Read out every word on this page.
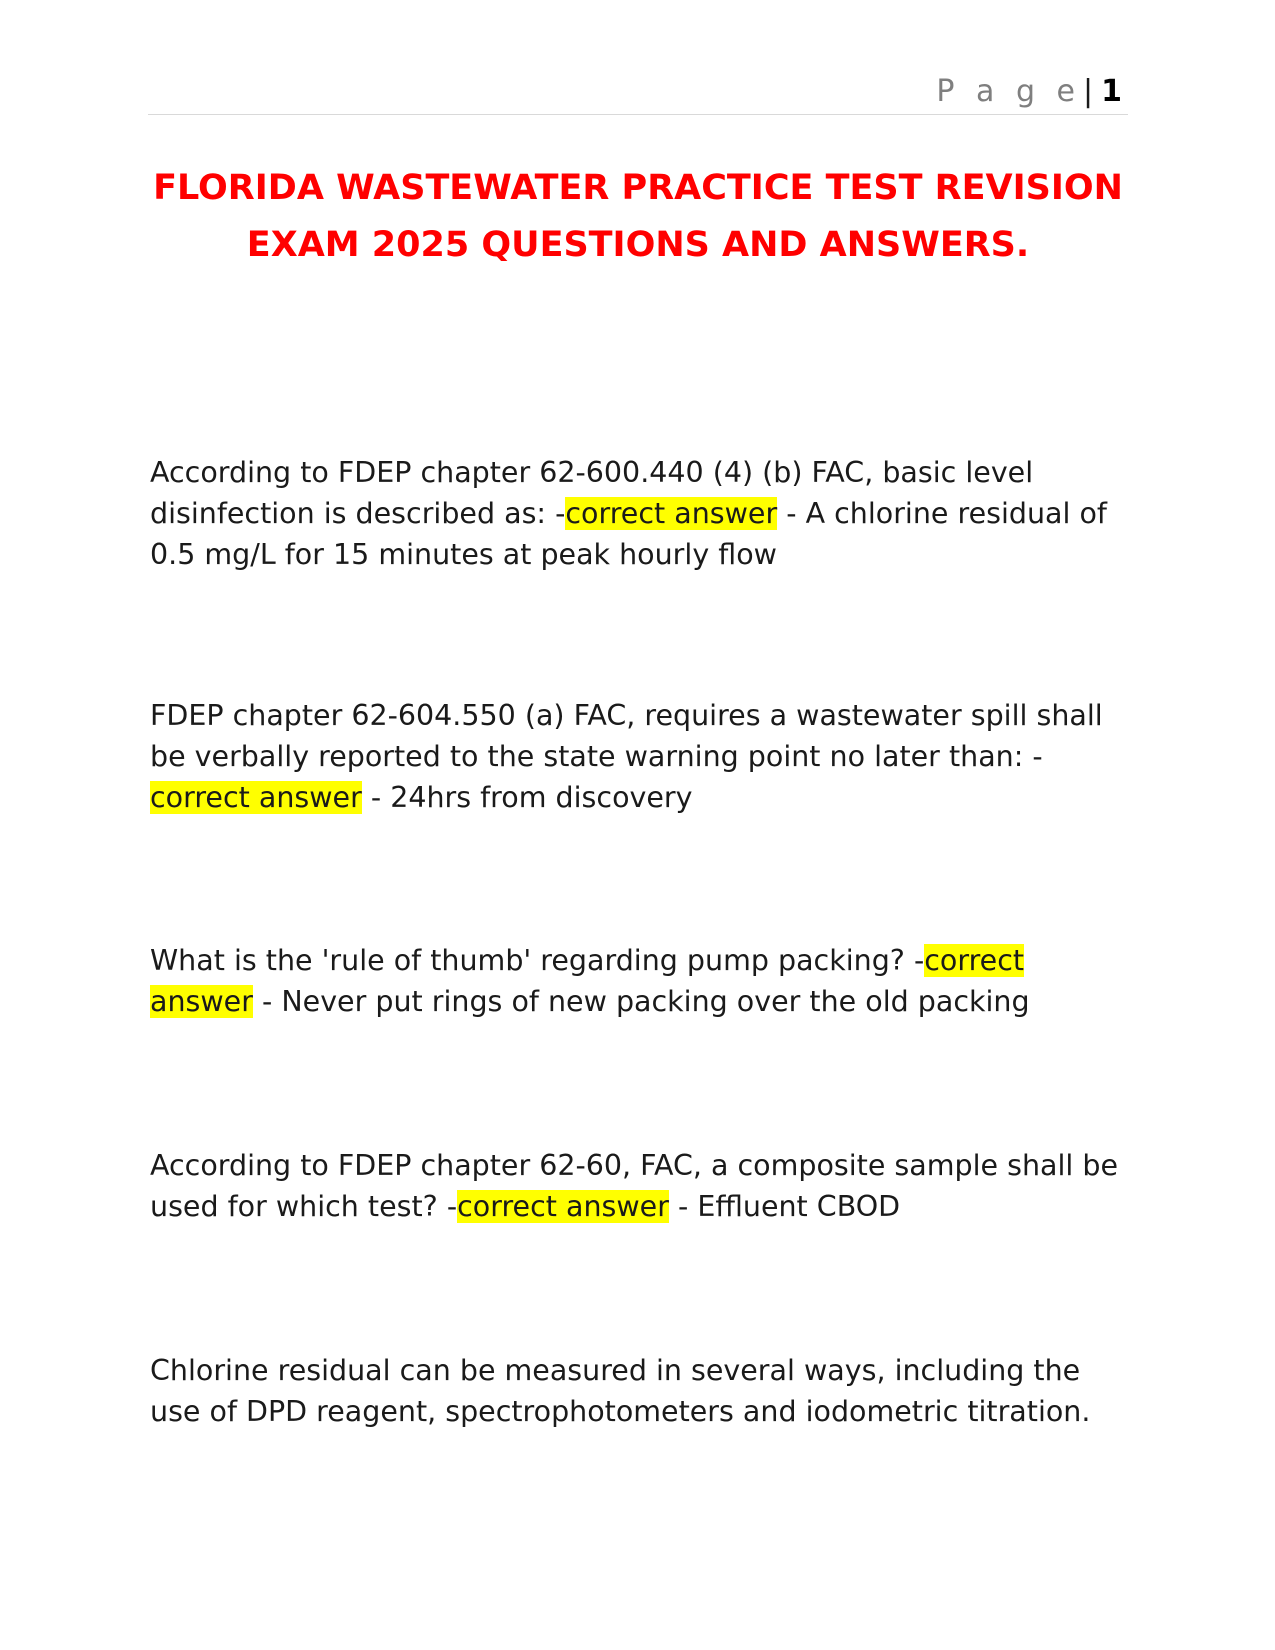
P a g e| 1
FLORIDA WASTEWATER PRACTICE TEST REVISION EXAM 2025 QUESTIONS AND ANSWERS.

According to FDEP chapter 62-600.440 (4) (b) FAC, basic level disinfection is described as: -correct answer - A chlorine residual of 0.5 mg/L for 15 minutes at peak hourly flow

FDEP chapter 62-604.550 (a) FAC, requires a wastewater spill shall be verbally reported to the state warning point no later than: -correct answer - 24hrs from discovery

What is the 'rule of thumb' regarding pump packing? -correct answer - Never put rings of new packing over the old packing

According to FDEP chapter 62-60, FAC, a composite sample shall be used for which test? -correct answer - Effluent CBOD

Chlorine residual can be measured in several ways, including the use of DPD reagent, spectrophotometers and iodometric titration.
